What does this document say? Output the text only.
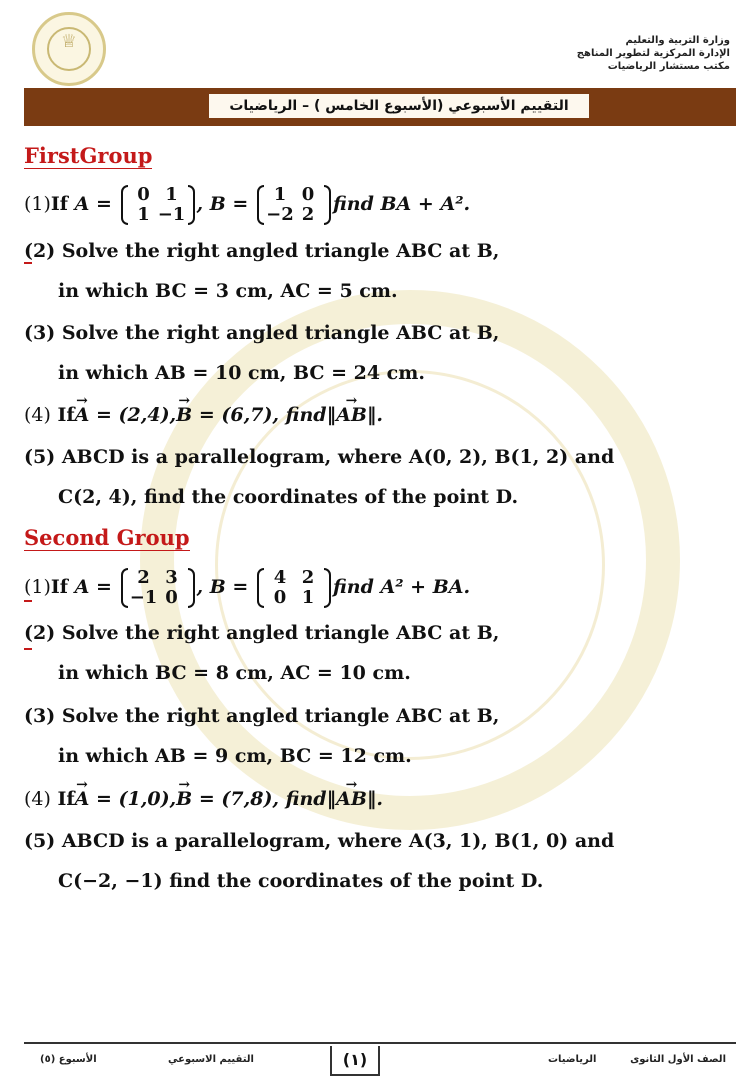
♕	وزارة التربية والتعليم
الإدارة المركزية لتطوير المناهج
مكتب مستشار الرياضيات
التقييم الأسبوعي (الأسبوع الخامس ) – الرياضيات
FirstGroup
(1)If A =	0 1
1 −1 , B =	1 0
−2 2 find BA + A².
(2) Solve the right angled triangle ABC at B,
in which BC = 3 cm, AC = 5 cm.
(3) Solve the right angled triangle ABC at B,
in which AB = 10 cm, BC = 24 cm.
(4) If→ A = (2,4),→ B = (6,7), find‖→ AB‖.
(5) ABCD is a parallelogram, where A(0, 2), B(1, 2) and
C(2, 4), find the coordinates of the point D.
Second Group
(1)If A =	2 3
−1 0 , B =	4 2
0 1 find A² + BA.
(2) Solve the right angled triangle ABC at B,
in which BC = 8 cm, AC = 10 cm.
(3) Solve the right angled triangle ABC at B,
in which AB = 9 cm, BC = 12 cm.
(4) If→ A = (1,0),→ B = (7,8), find‖→ AB‖.
(5) ABCD is a parallelogram, where A(3, 1), B(1, 0) and
C(−2, −1) find the coordinates of the point D.
الصف الأول الثانوى
الرياضيات
(١)
التقييم الاسبوعي
الأسبوع (٥)
